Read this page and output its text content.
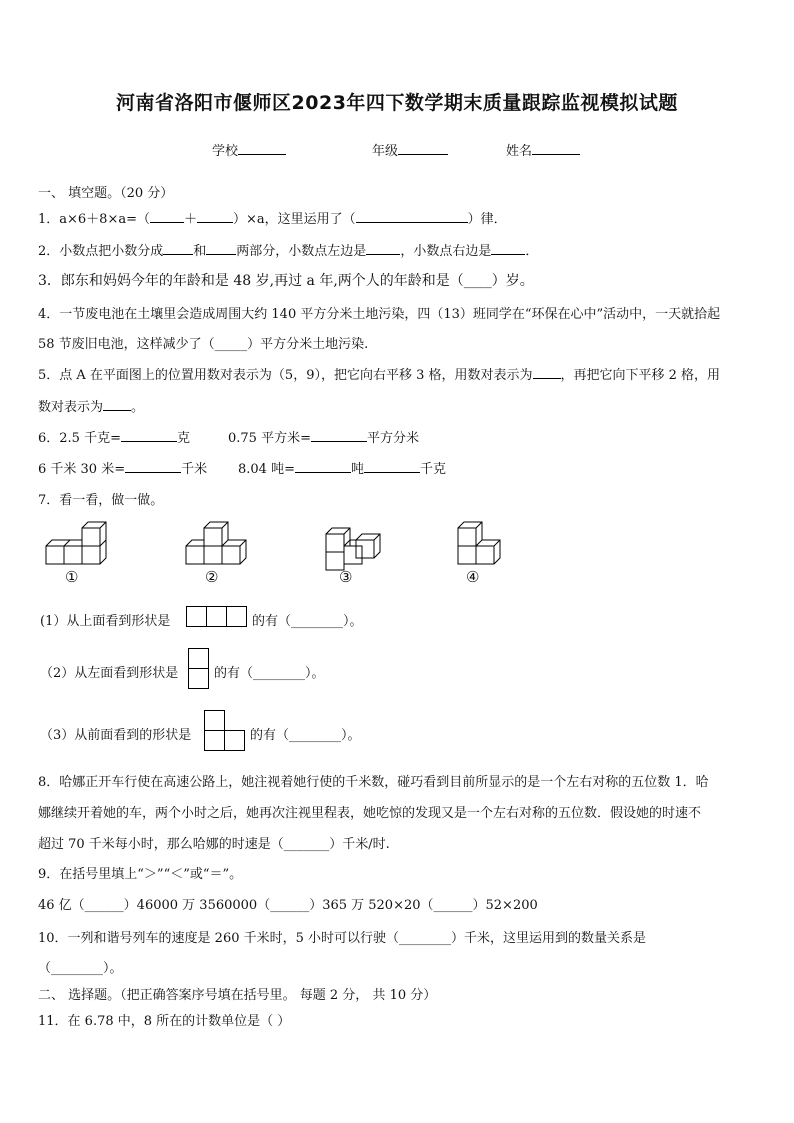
河南省洛阳市偃师区2023年四下数学期末质量跟踪监视模拟试题
学校	年级	姓名
一、 填空题。（20 分）
1．a×6＋8×a=（	＋	）×a，这里运用了（	）律．
2．小数点把小数分成 和 两部分，小数点左边是	，小数点右边是	．
3．郎东和妈妈今年的年龄和是 48 岁,再过 a 年,两个人的年龄和是（____）岁。
4．一节废电池在土壤里会造成周围大约 140 平方分米土地污染，四（13）班同学在“环保在心中”活动中，一天就拾起
58 节废旧电池，这样减少了（_____）平方分米土地污染.
5．点 A 在平面图上的位置用数对表示为（5，9），把它向右平移 3 格，用数对表示为 ，再把它向下平移 2 格，用
数对表示为 。
6．2.5 千克=	克	0.75 平方米=	平方分米
6 千米 30 米=	千米 8.04 吨=	吨	千克
7．看一看，做一做。
①	②	③	④
(1）从上面看到形状是	的有（________）。
（2）从左面看到形状是	的有（________）。
（3）从前面看到的形状是	的有（________）。
8．哈娜正开车行使在高速公路上，她注视着她行使的千米数，碰巧看到目前所显示的是一个左右对称的五位数 1．哈
娜继续开着她的车，两个小时之后，她再次注视里程表，她吃惊的发现又是一个左右对称的五位数．假设她的时速不
超过 70 千米每小时，那么哈娜的时速是（_______）千米/时.
9．在括号里填上“＞”“＜”或“＝”。
46 亿（______）46000 万 3560000（______）365 万 520×20（______）52×200
10．一列和谐号列车的速度是 260 千米时，5 小时可以行驶（________）千米，这里运用到的数量关系是
（________）。
二、 选择题。（把正确答案序号填在括号里。 每题 2 分， 共 10 分）
11．在 6.78 中，8 所在的计数单位是（ ）
